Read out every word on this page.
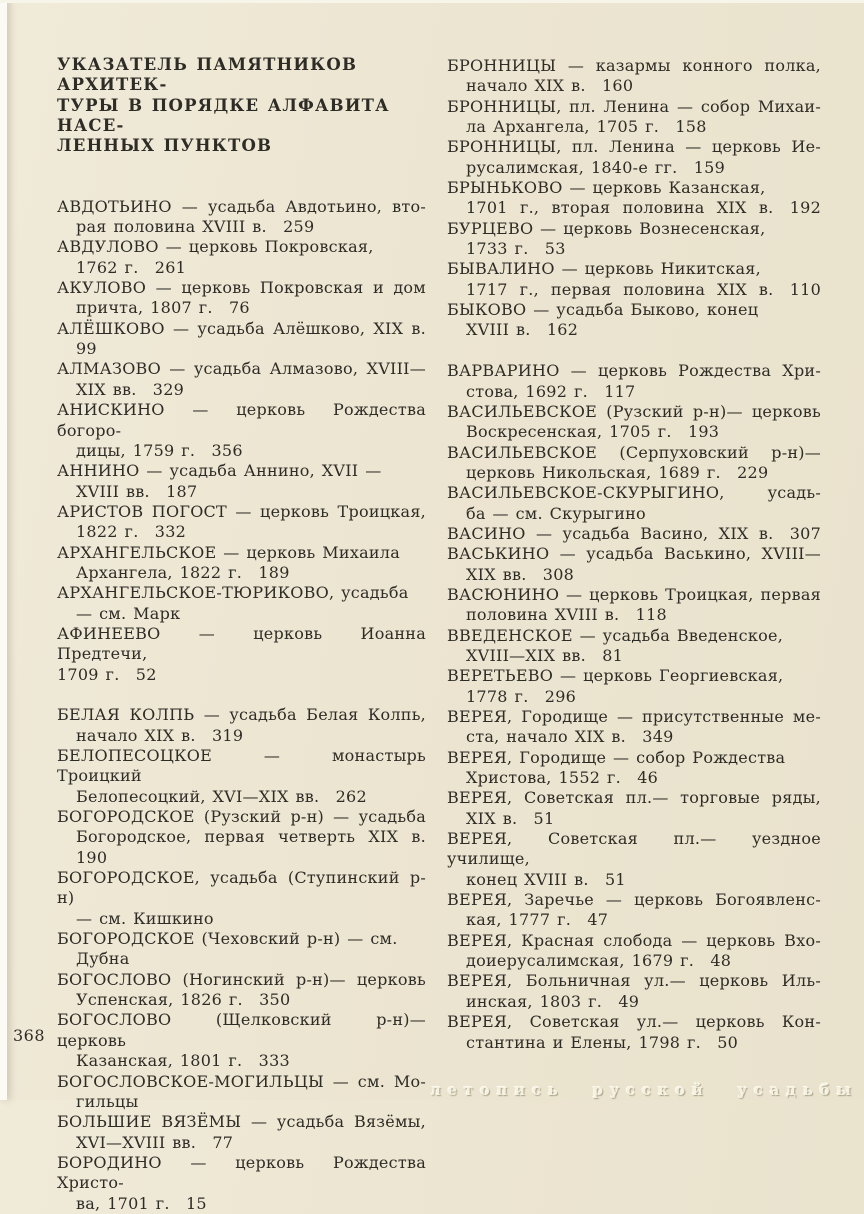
УКАЗАТЕЛЬ ПАМЯТНИКОВ АРХИТЕК-
ТУРЫ В ПОРЯДКЕ АЛФАВИТА НАСЕ-
ЛЕННЫХ ПУНКТОВ
АВДОТЬИНО — усадьба Авдотьино, вто-
рая половина XVIII в. 259
АВДУЛОВО — церковь Покровская,
1762 г. 261
АКУЛОВО — церковь Покровская и дом
причта, 1807 г. 76
АЛЁШКОВО — усадьба Алёшково, XIX в.
99
АЛМАЗОВО — усадьба Алмазово, XVIII—
XIX вв. 329
АНИСКИНО — церковь Рождества богоро-
дицы, 1759 г. 356
АННИНО — усадьба Аннино, XVII —
XVIII вв. 187
АРИСТОВ ПОГОСТ — церковь Троицкая,
1822 г. 332
АРХАНГЕЛЬСКОЕ — церковь Михаила
Архангела, 1822 г. 189
АРХАНГЕЛЬСКОЕ-ТЮРИКОВО, усадьба
— см. Марк
АФИНЕЕВО — церковь Иоанна Предтечи,
1709 г. 52
БЕЛАЯ КОЛПЬ — усадьба Белая Колпь,
начало XIX в. 319
БЕЛОПЕСОЦКОЕ — монастырь Троицкий
Белопесоцкий, XVI—XIX вв. 262
БОГОРОДСКОЕ (Рузский р-н) — усадьба
Богородское, первая четверть XIX в.
190
БОГОРОДСКОЕ, усадьба (Ступинский р-н)
— см. Кишкино
БОГОРОДСКОЕ (Чеховский р-н) — см.
Дубна
БОГОСЛОВО (Ногинский р-н)— церковь
Успенская, 1826 г. 350
БОГОСЛОВО (Щелковский р-н)— церковь
Казанская, 1801 г. 333
БОГОСЛОВСКОЕ-МОГИЛЬЦЫ — см. Мо-
гильцы
БОЛЬШИЕ ВЯЗЁМЫ — усадьба Вязёмы,
XVI—XVIII вв. 77
БОРОДИНО — церковь Рождества Христо-
ва, 1701 г. 15
БРОННИЦЫ — казармы конного полка,
начало XIX в. 160
БРОННИЦЫ, пл. Ленина — собор Михаи-
ла Архангела, 1705 г. 158
БРОННИЦЫ, пл. Ленина — церковь Ие-
русалимская, 1840-е гг. 159
БРЫНЬКОВО — церковь Казанская,
1701 г., вторая половина XIX в. 192
БУРЦЕВО — церковь Вознесенская,
1733 г. 53
БЫВАЛИНО — церковь Никитская,
1717 г., первая половина XIX в. 110
БЫКОВО — усадьба Быково, конец
XVIII в. 162
ВАРВАРИНО — церковь Рождества Хри-
стова, 1692 г. 117
ВАСИЛЬЕВСКОЕ (Рузский р-н)— церковь
Воскресенская, 1705 г. 193
ВАСИЛЬЕВСКОЕ (Серпуховский р-н)—
церковь Никольская, 1689 г. 229
ВАСИЛЬЕВСКОЕ-СКУРЫГИНО, усадь-
ба — см. Скурыгино
ВАСИНО — усадьба Васино, XIX в. 307
ВАСЬКИНО — усадьба Васькино, XVIII—
XIX вв. 308
ВАСЮНИНО — церковь Троицкая, первая
половина XVIII в. 118
ВВЕДЕНСКОЕ — усадьба Введенское,
XVIII—XIX вв. 81
ВЕРЕТЬЕВО — церковь Георгиевская,
1778 г. 296
ВЕРЕЯ, Городище — присутственные ме-
ста, начало XIX в. 349
ВЕРЕЯ, Городище — собор Рождества
Христова, 1552 г. 46
ВЕРЕЯ, Советская пл.— торговые ряды,
XIX в. 51
ВЕРЕЯ, Советская пл.— уездное училище,
конец XVIII в. 51
ВЕРЕЯ, Заречье — церковь Богоявленс-
кая, 1777 г. 47
ВЕРЕЯ, Красная слобода — церковь Вхо-
доиерусалимская, 1679 г. 48
ВЕРЕЯ, Больничная ул.— церковь Иль-
инская, 1803 г. 49
ВЕРЕЯ, Советская ул.— церковь Кон-
стантина и Елены, 1798 г. 50
368
летопись русской усадьбы
